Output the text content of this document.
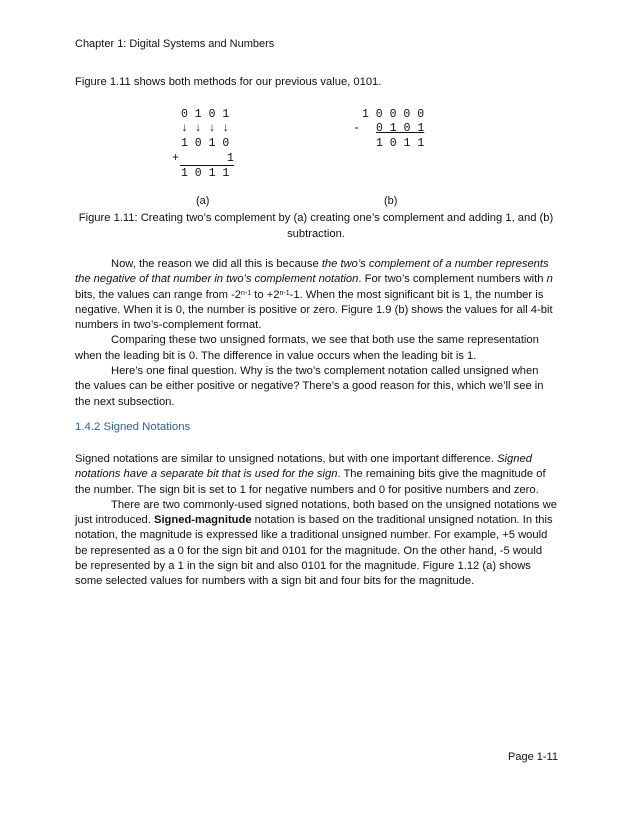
Chapter 1: Digital Systems and Numbers
Figure 1.11 shows both methods for our previous value, 0101.
0 1 0 1
↓ ↓ ↓ ↓
1 0 1 0
+	1
1 0 1 1
(a)
1 0 0 0 0
- 0 1 0 1
1 0 1 1
(b)
Figure 1.11: Creating two’s complement by (a) creating one’s complement and adding 1, and (b) subtraction.

Now, the reason we did all this is because the two’s complement of a number represents the negative of that number in two’s complement notation. For two’s complement numbers with n bits, the values can range from -2$^{n-1}$ to $+2^{n-1}-1$. When the most significant bit is 1, the number is negative. When it is 0, the number is positive or zero. Figure 1.9 (b) shows the values for all 4-bit numbers in two’s-complement format.

Comparing these two unsigned formats, we see that both use the same representation when the leading bit is 0. The difference in value occurs when the leading bit is 1.

Here’s one final question. Why is the two’s complement notation called unsigned when the values can be either positive or negative? There’s a good reason for this, which we’ll see in the next subsection.

1.4.2 Signed Notations

Signed notations are similar to unsigned notations, but with one important difference. Signed notations have a separate bit that is used for the sign. The remaining bits give the magnitude of the number. The sign bit is set to 1 for negative numbers and 0 for positive numbers and zero.

There are two commonly-used signed notations, both based on the unsigned notations we just introduced. Signed-magnitude notation is based on the traditional unsigned notation. In this notation, the magnitude is expressed like a traditional unsigned number. For example, +5 would be represented as a 0 for the sign bit and 0101 for the magnitude. On the other hand, -5 would be represented by a 1 in the sign bit and also 0101 for the magnitude. Figure 1.12 (a) shows some selected values for numbers with a sign bit and four bits for the magnitude.

Page 1-11
